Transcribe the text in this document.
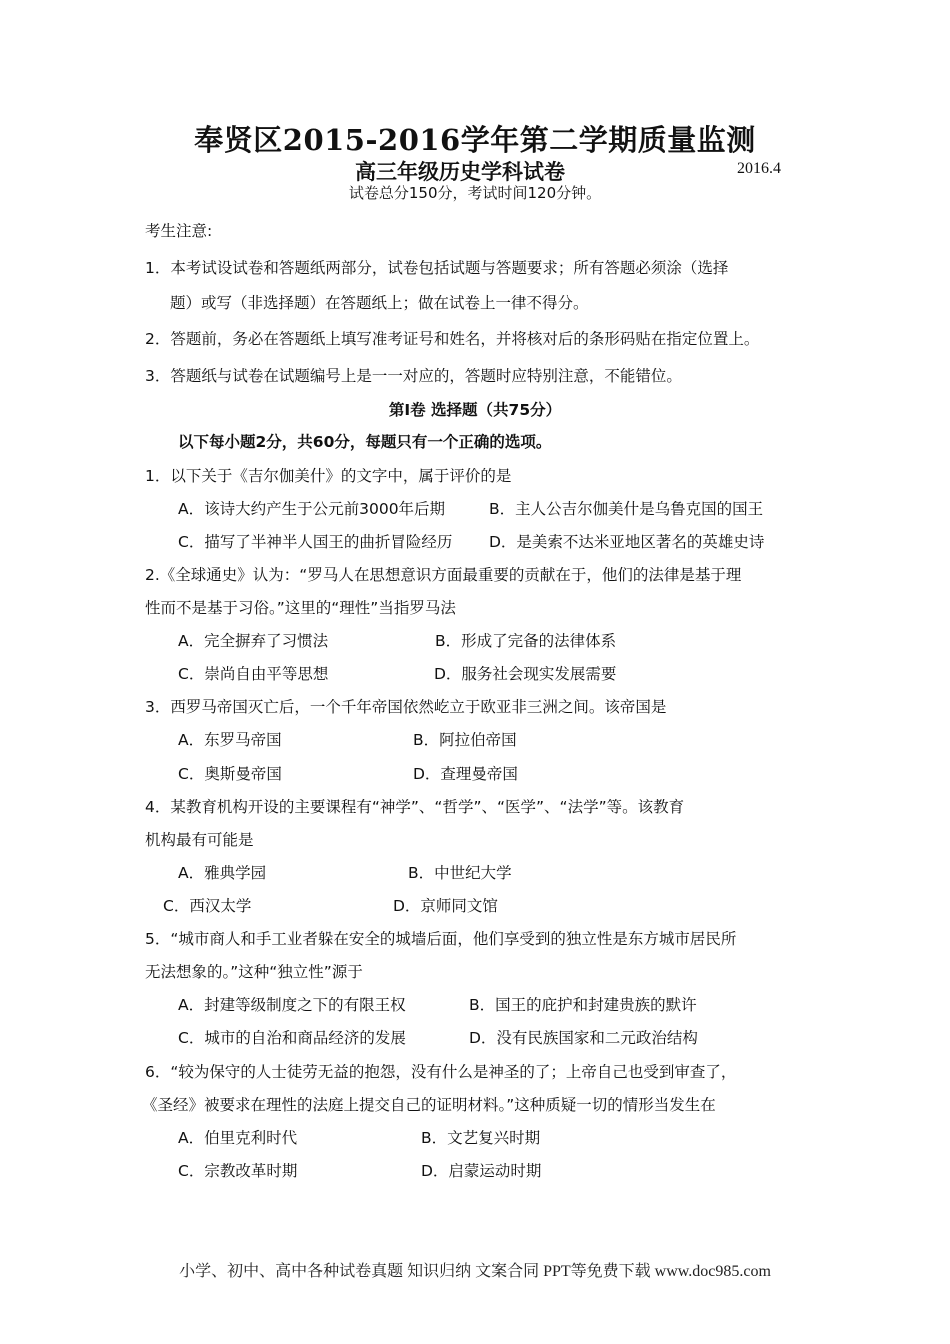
奉贤区2015-2016学年第二学期质量监测
高三年级历史学科试卷	2016.4
试卷总分150分，考试时间120分钟。
考生注意:
1．本考试设试卷和答题纸两部分，试卷包括试题与答题要求；所有答题必须涂（选择
题）或写（非选择题）在答题纸上；做在试卷上一律不得分。
2．答题前，务必在答题纸上填写准考证号和姓名，并将核对后的条形码贴在指定位置上。
3．答题纸与试卷在试题编号上是一一对应的，答题时应特别注意，不能错位。
第Ⅰ卷 选择题（共75分）
以下每小题2分，共60分，每题只有一个正确的选项。
1．以下关于《吉尔伽美什》的文字中，属于评价的是
A．该诗大约产生于公元前3000年后期	B．主人公吉尔伽美什是乌鲁克国的国王
C．描写了半神半人国王的曲折冒险经历 D．是美索不达米亚地区著名的英雄史诗
2.《全球通史》认为：“罗马人在思想意识方面最重要的贡献在于，他们的法律是基于理
性而不是基于习俗。”这里的“理性”当指罗马法
A．完全摒弃了习惯法	B．形成了完备的法律体系
C．崇尚自由平等思想	D．服务社会现实发展需要
3．西罗马帝国灭亡后，一个千年帝国依然屹立于欧亚非三洲之间。该帝国是
A．东罗马帝国	B．阿拉伯帝国
C．奥斯曼帝国	D．查理曼帝国
4．某教育机构开设的主要课程有“神学”、“哲学”、“医学”、“法学”等。该教育
机构最有可能是
A．雅典学园	B．中世纪大学
C．西汉太学	D．京师同文馆
5．“城市商人和手工业者躲在安全的城墙后面，他们享受到的独立性是东方城市居民所
无法想象的。”这种“独立性”源于
A．封建等级制度之下的有限王权	B．国王的庇护和封建贵族的默许
C．城市的自治和商品经济的发展	D．没有民族国家和二元政治结构
6．“较为保守的人士徒劳无益的抱怨，没有什么是神圣的了；上帝自己也受到审查了，
《圣经》被要求在理性的法庭上提交自己的证明材料。”这种质疑一切的情形当发生在
A．伯里克利时代	B．文艺复兴时期
C．宗教改革时期	D．启蒙运动时期
小学、初中、高中各种试卷真题 知识归纳 文案合同 PPT等免费下载 www.doc985.com
